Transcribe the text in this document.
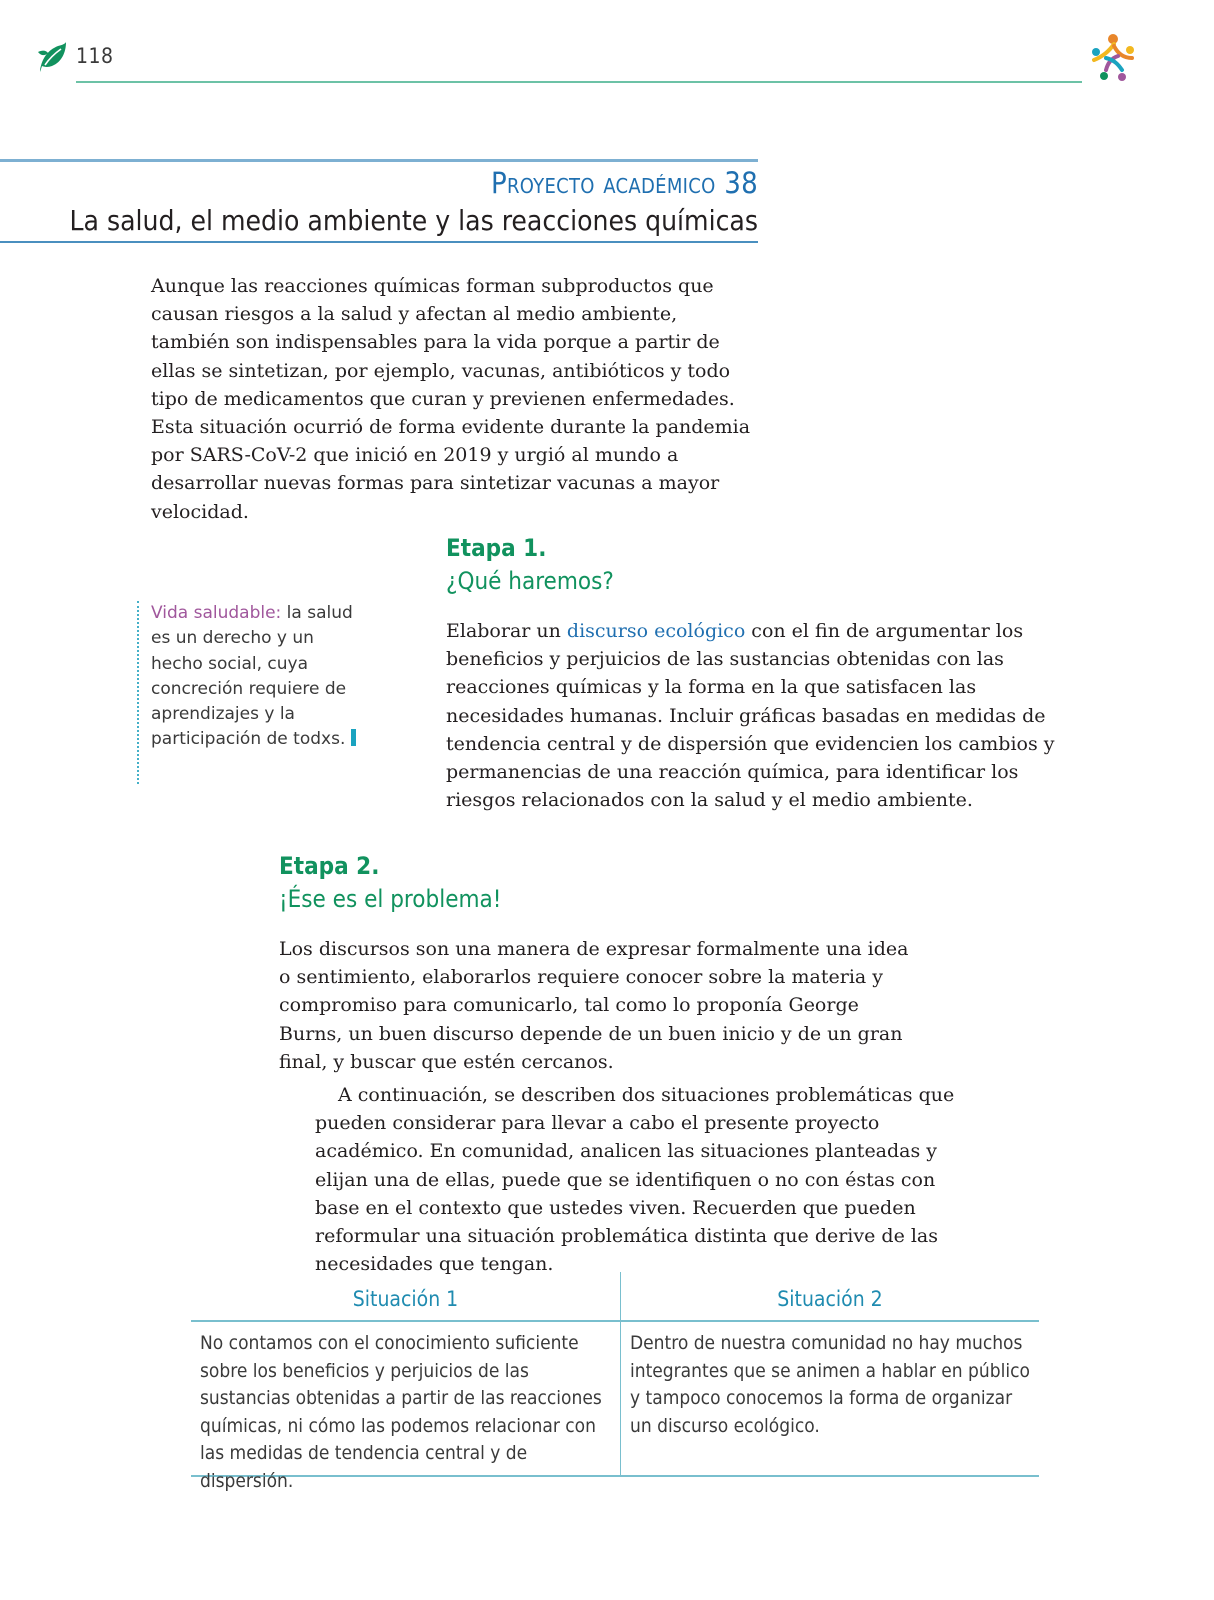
118
Proyecto académico 38
La salud, el medio ambiente y las reacciones químicas

Aunque las reacciones químicas forman subproductos que causan riesgos a la salud y afectan al medio ambiente, también son indispensables para la vida porque a partir de ellas se sintetizan, por ejemplo, vacunas, antibióticos y todo tipo de medicamentos que curan y previenen enfermedades. Esta situación ocurrió de forma evidente durante la pandemia por SARS-CoV-2 que inició en 2019 y urgió al mundo a desarrollar nuevas formas para sintetizar vacunas a mayor velocidad.

Etapa 1.
¿Qué haremos?

Elaborar un discurso ecológico con el fin de argumentar los beneficios y perjuicios de las sustancias obtenidas con las reacciones químicas y la forma en la que satisfacen las necesidades humanas. Incluir gráficas basadas en medidas de tendencia central y de dispersión que evidencien los cambios y permanencias de una reacción química, para identificar los riesgos relacionados con la salud y el medio ambiente.

Vida saludable: la salud es un derecho y un hecho social, cuya concreción requiere de aprendizajes y la participación de todxs.
Etapa 2.
¡Ése es el problema!

Los discursos son una manera de expresar formalmente una idea o sentimiento, elaborarlos requiere conocer sobre la materia y compromiso para comunicarlo, tal como lo proponía George Burns, un buen discurso depende de un buen inicio y de un gran final, y buscar que estén cercanos.

A continuación, se describen dos situaciones problemáticas que pueden considerar para llevar a cabo el presente proyecto académico. En comunidad, analicen las situaciones planteadas y elijan una de ellas, puede que se identifiquen o no con éstas con base en el contexto que ustedes viven. Recuerden que pueden reformular una situación problemática distinta que derive de las necesidades que tengan.

Situación 1	Situación 2
No contamos con el conocimiento suficiente sobre los beneficios y perjuicios de las sustancias obtenidas a partir de las reacciones químicas, ni cómo las podemos relacionar con las medidas de tendencia central y de dispersión.
Dentro de nuestra comunidad no hay muchos integrantes que se animen a hablar en público y tampoco conocemos la forma de organizar un discurso ecológico.
